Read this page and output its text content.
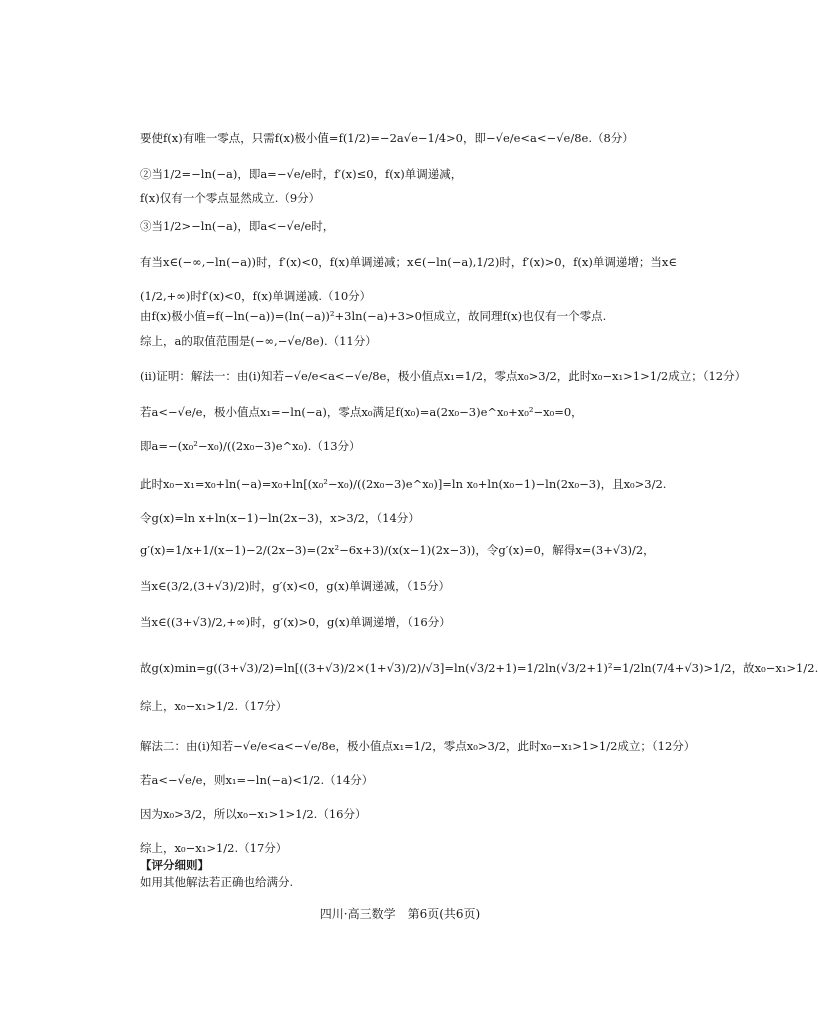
要使f(x)有唯一零点，只需f(x)极小值=f(1/2)=−2a√e−1/4>0，即−√e/e<a<−√e/8e.（8分）
②当1/2=−ln(−a)，即a=−√e/e时，f′(x)≤0，f(x)单调递减，
f(x)仅有一个零点显然成立.（9分）
③当1/2>−ln(−a)，即a<−√e/e时，
有当x∈(−∞,−ln(−a))时，f′(x)<0，f(x)单调递减；x∈(−ln(−a),1/2)时，f′(x)>0，f(x)单调递增；当x∈
(1/2,+∞)时f′(x)<0，f(x)单调递减.（10分）
由f(x)极小值=f(−ln(−a))=(ln(−a))²+3ln(−a)+3>0恒成立，故同理f(x)也仅有一个零点.
综上，a的取值范围是(−∞,−√e/8e).（11分）
(ii)证明：解法一：由(i)知若−√e/e<a<−√e/8e，极小值点x₁=1/2，零点x₀>3/2，此时x₀−x₁>1>1/2成立；（12分）
若a<−√e/e，极小值点x₁=−ln(−a)，零点x₀满足f(x₀)=a(2x₀−3)e^x₀+x₀²−x₀=0，
即a=−(x₀²−x₀)/((2x₀−3)e^x₀).（13分）
此时x₀−x₁=x₀+ln(−a)=x₀+ln[(x₀²−x₀)/((2x₀−3)e^x₀)]=ln x₀+ln(x₀−1)−ln(2x₀−3)，且x₀>3/2.
令g(x)=ln x+ln(x−1)−ln(2x−3)，x>3/2，（14分）
g′(x)=1/x+1/(x−1)−2/(2x−3)=(2x²−6x+3)/(x(x−1)(2x−3))，令g′(x)=0，解得x=(3+√3)/2，
当x∈(3/2,(3+√3)/2)时，g′(x)<0，g(x)单调递减，（15分）
当x∈((3+√3)/2,+∞)时，g′(x)>0，g(x)单调递增，（16分）
故g(x)min=g((3+√3)/2)=ln[((3+√3)/2×(1+√3)/2)/√3]=ln(√3/2+1)=1/2ln(√3/2+1)²=1/2ln(7/4+√3)>1/2，故x₀−x₁>1/2.
综上，x₀−x₁>1/2.（17分）
解法二：由(i)知若−√e/e<a<−√e/8e，极小值点x₁=1/2，零点x₀>3/2，此时x₀−x₁>1>1/2成立；（12分）
若a<−√e/e，则x₁=−ln(−a)<1/2.（14分）
因为x₀>3/2，所以x₀−x₁>1>1/2.（16分）
综上，x₀−x₁>1/2.（17分）
【评分细则】
如用其他解法若正确也给满分.
四川·高三数学　第6页(共6页)
